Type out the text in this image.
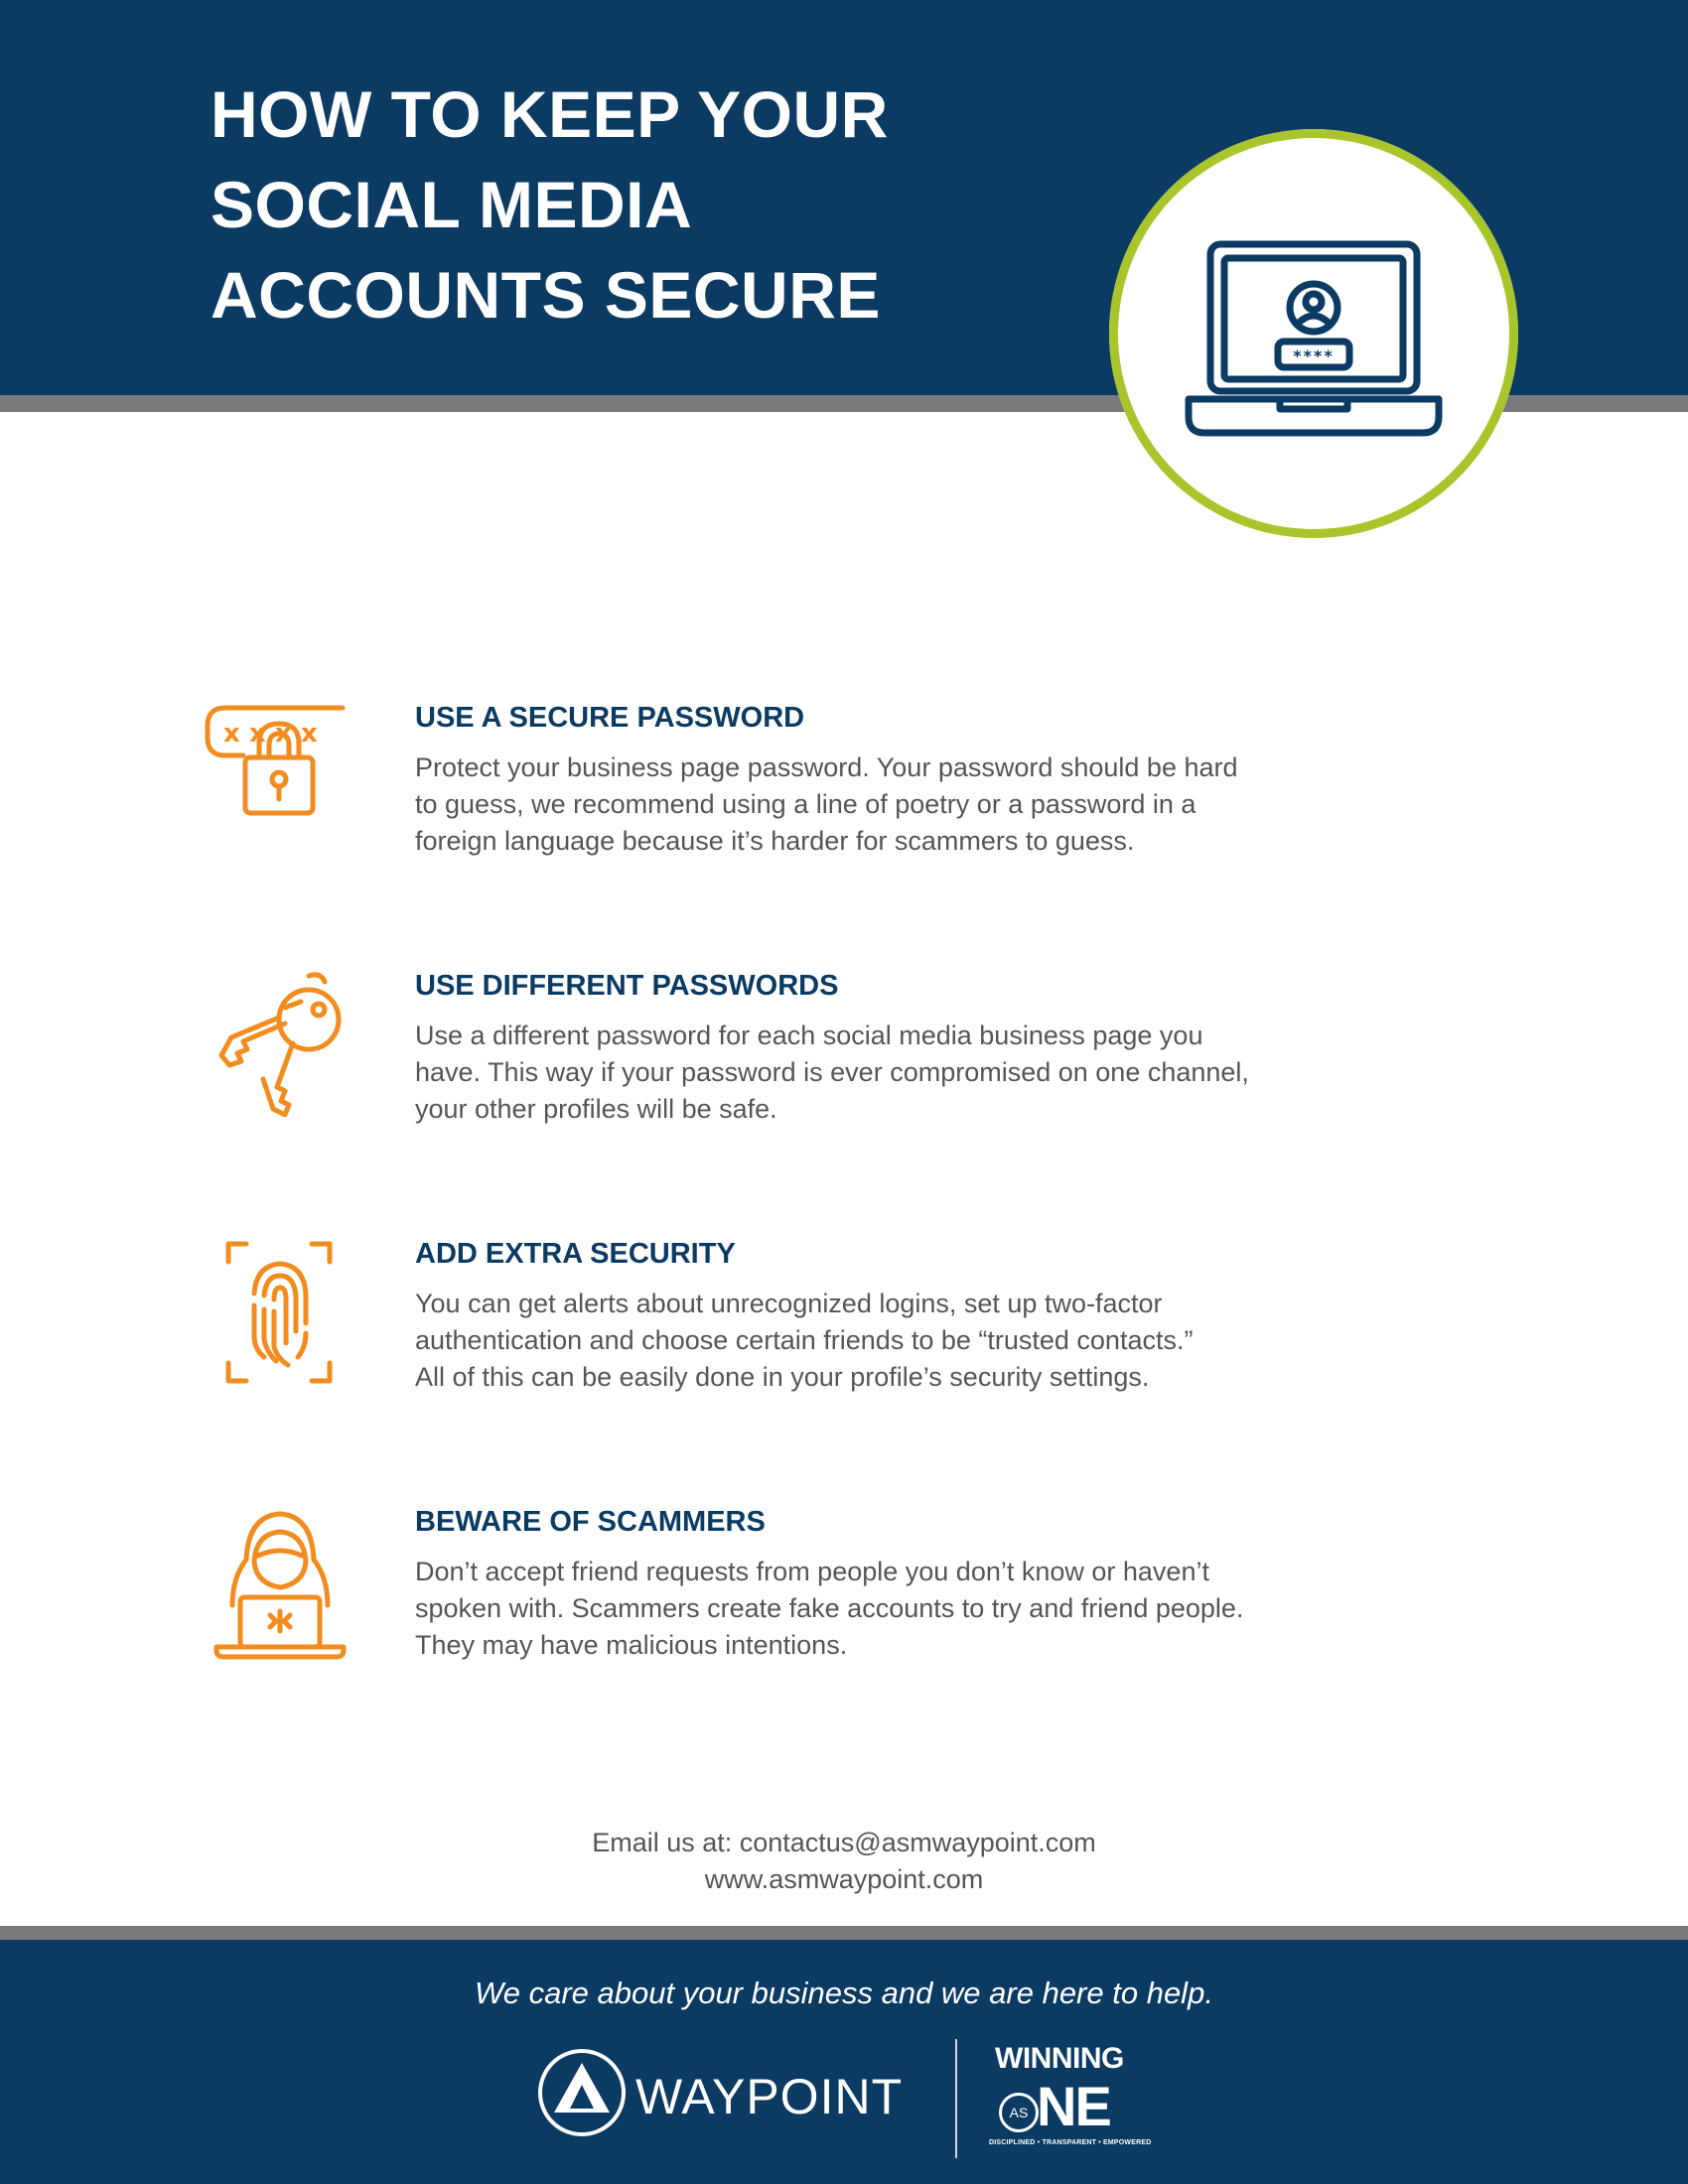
HOW TO KEEP YOUR
SOCIAL MEDIA
ACCOUNTS SECURE
****
x x x x	USE A SECURE PASSWORD
Protect your business page password. Your password should be hard
to guess, we recommend using a line of poetry or a password in a
foreign language because it’s harder for scammers to guess.
USE DIFFERENT PASSWORDS
Use a different password for each social media business page you
have. This way if your password is ever compromised on one channel,
your other profiles will be safe.
ADD EXTRA SECURITY
You can get alerts about unrecognized logins, set up two-factor
authentication and choose certain friends to be “trusted contacts.”
All of this can be easily done in your profile’s security settings.
BEWARE OF SCAMMERS
Don’t accept friend requests from people you don’t know or haven’t
spoken with. Scammers create fake accounts to try and friend people.
They may have malicious intentions.
Email us at: contactus@asmwaypoint.com
www.asmwaypoint.com
We care about your business and we are here to help.
WAYPOINT
WINNING
AS NE
DISCIPLINED • TRANSPARENT • EMPOWERED
